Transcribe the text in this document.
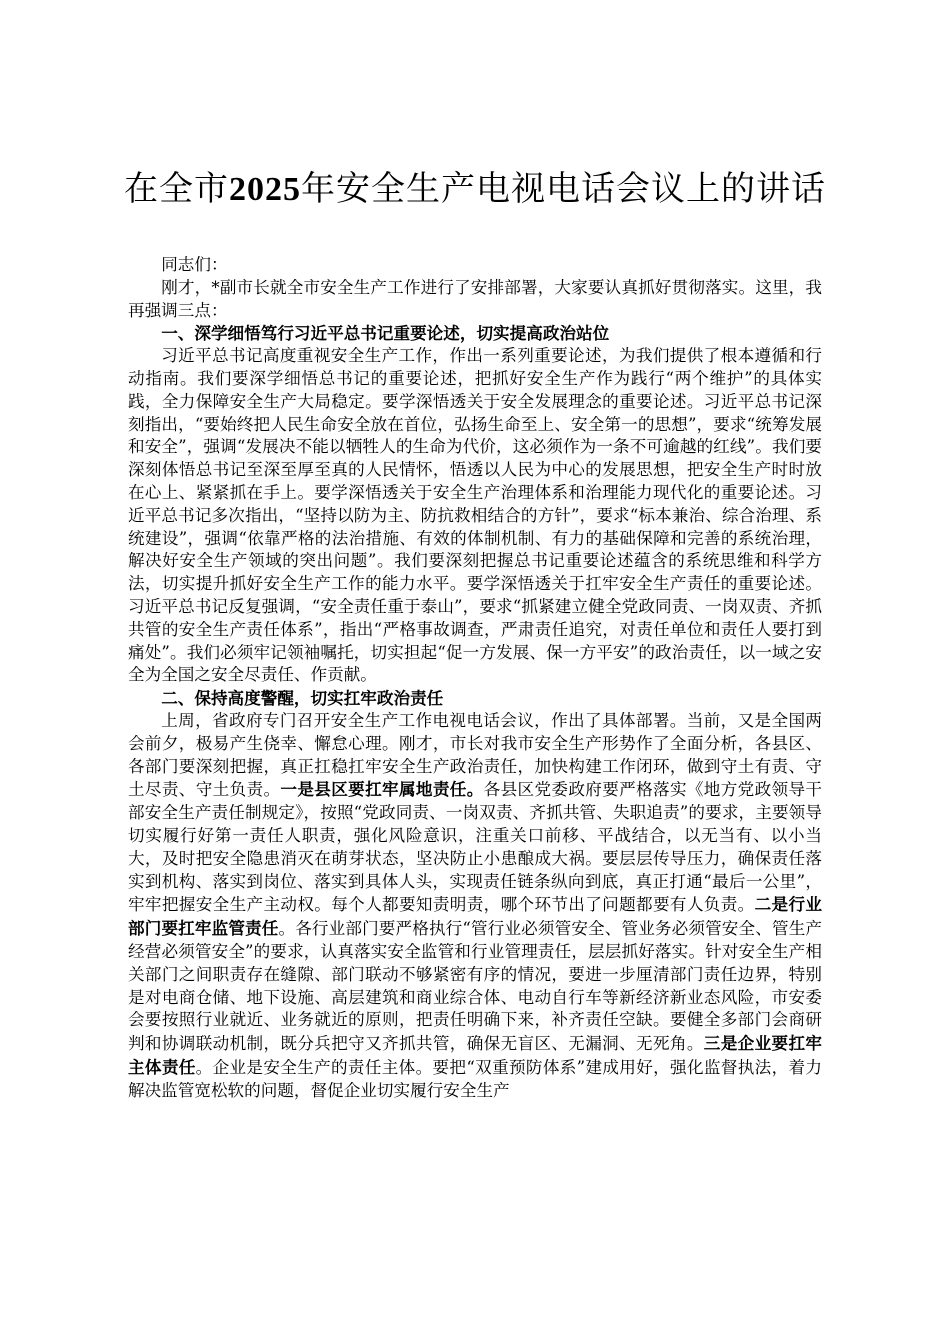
在全市2025年安全生产电视电话会议上的讲话

同志们：

刚才，*副市长就全市安全生产工作进行了安排部署，大家要认真抓好贯彻落实。这里，我再强调三点：

一、深学细悟笃行习近平总书记重要论述，切实提高政治站位

习近平总书记高度重视安全生产工作，作出一系列重要论述，为我们提供了根本遵循和行动指南。我们要深学细悟总书记的重要论述，把抓好安全生产作为践行“两个维护”的具体实践，全力保障安全生产大局稳定。要学深悟透关于安全发展理念的重要论述。习近平总书记深刻指出，“要始终把人民生命安全放在首位，弘扬生命至上、安全第一的思想”，要求“统筹发展和安全”，强调“发展决不能以牺牲人的生命为代价，这必须作为一条不可逾越的红线”。我们要深刻体悟总书记至深至厚至真的人民情怀，悟透以人民为中心的发展思想，把安全生产时时放在心上、紧紧抓在手上。要学深悟透关于安全生产治理体系和治理能力现代化的重要论述。习近平总书记多次指出，“坚持以防为主、防抗救相结合的方针”，要求“标本兼治、综合治理、系统建设”，强调“依靠严格的法治措施、有效的体制机制、有力的基础保障和完善的系统治理，解决好安全生产领域的突出问题”。我们要深刻把握总书记重要论述蕴含的系统思维和科学方法，切实提升抓好安全生产工作的能力水平。要学深悟透关于扛牢安全生产责任的重要论述。习近平总书记反复强调，“安全责任重于泰山”，要求“抓紧建立健全党政同责、一岗双责、齐抓共管的安全生产责任体系”，指出“严格事故调查，严肃责任追究，对责任单位和责任人要打到痛处”。我们必须牢记领袖嘱托，切实担起“促一方发展、保一方平安”的政治责任，以一域之安全为全国之安全尽责任、作贡献。

二、保持高度警醒，切实扛牢政治责任

上周，省政府专门召开安全生产工作电视电话会议，作出了具体部署。当前，又是全国两会前夕，极易产生侥幸、懈怠心理。刚才，市长对我市安全生产形势作了全面分析，各县区、各部门要深刻把握，真正扛稳扛牢安全生产政治责任，加快构建工作闭环，做到守土有责、守土尽责、守土负责。一是县区要扛牢属地责任。各县区党委政府要严格落实《地方党政领导干部安全生产责任制规定》，按照“党政同责、一岗双责、齐抓共管、失职追责”的要求，主要领导切实履行好第一责任人职责，强化风险意识，注重关口前移、平战结合，以无当有、以小当大，及时把安全隐患消灭在萌芽状态，坚决防止小患酿成大祸。要层层传导压力，确保责任落实到机构、落实到岗位、落实到具体人头，实现责任链条纵向到底，真正打通“最后一公里”，牢牢把握安全生产主动权。每个人都要知责明责，哪个环节出了问题都要有人负责。二是行业部门要扛牢监管责任。各行业部门要严格执行“管行业必须管安全、管业务必须管安全、管生产经营必须管安全”的要求，认真落实安全监管和行业管理责任，层层抓好落实。针对安全生产相关部门之间职责存在缝隙、部门联动不够紧密有序的情况，要进一步厘清部门责任边界，特别是对电商仓储、地下设施、高层建筑和商业综合体、电动自行车等新经济新业态风险，市安委会要按照行业就近、业务就近的原则，把责任明确下来，补齐责任空缺。要健全多部门会商研判和协调联动机制，既分兵把守又齐抓共管，确保无盲区、无漏洞、无死角。三是企业要扛牢主体责任。企业是安全生产的责任主体。要把“双重预防体系”建成用好，强化监督执法，着力解决监管宽松软的问题，督促企业切实履行安全生产
